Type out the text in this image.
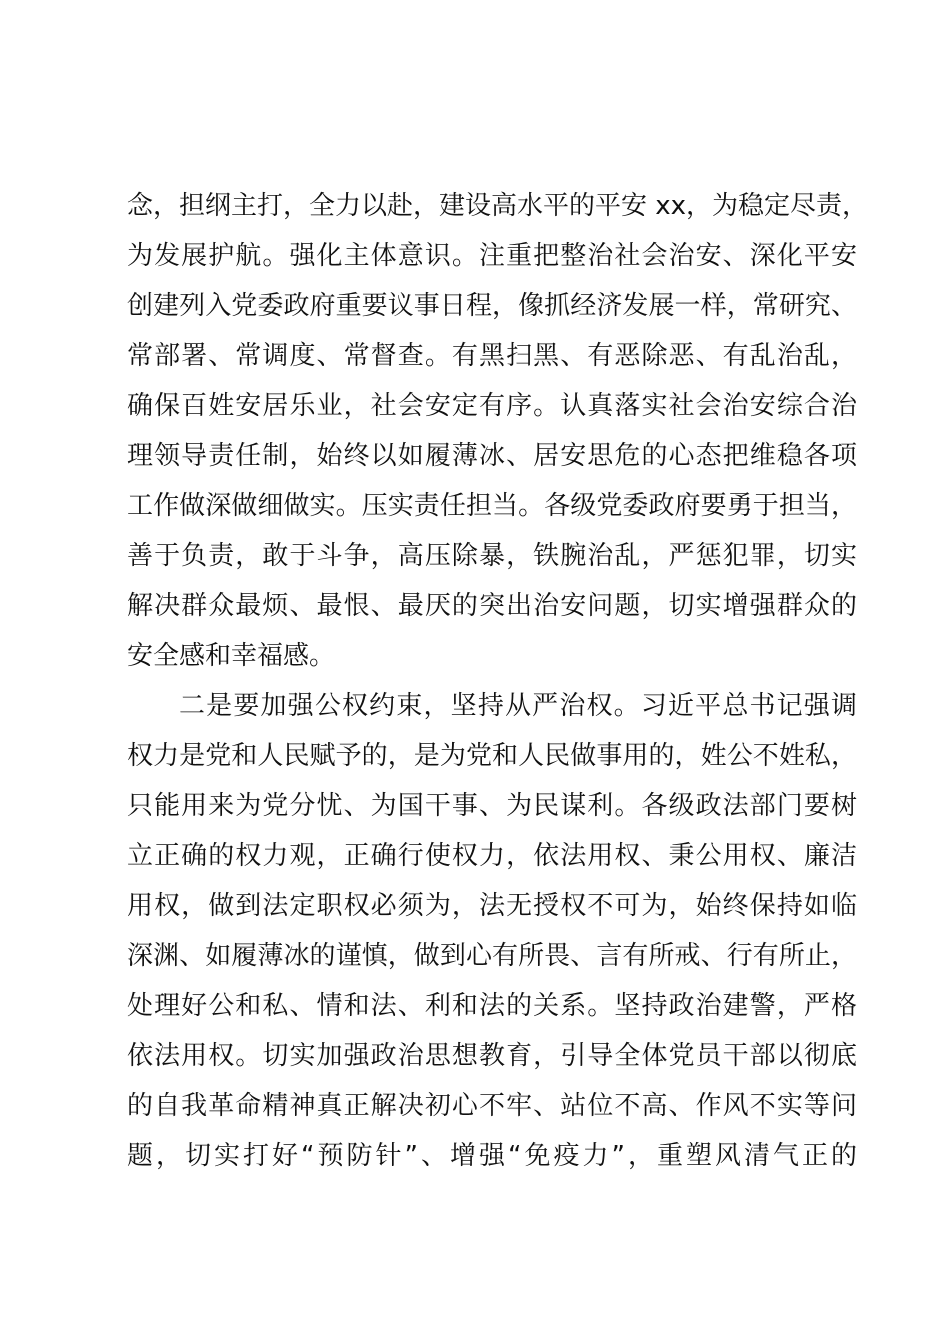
念，担纲主打，全力以赴，建设高水平的平安 xx，为稳定尽责，
为发展护航。强化主体意识。注重把整治社会治安、深化平安
创建列入党委政府重要议事日程，像抓经济发展一样，常研究、
常部署、常调度、常督查。有黑扫黑、有恶除恶、有乱治乱，
确保百姓安居乐业，社会安定有序。认真落实社会治安综合治
理领导责任制，始终以如履薄冰、居安思危的心态把维稳各项
工作做深做细做实。压实责任担当。各级党委政府要勇于担当，
善于负责，敢于斗争，高压除暴，铁腕治乱，严惩犯罪，切实
解决群众最烦、最恨、最厌的突出治安问题，切实增强群众的
安全感和幸福感。
二是要加强公权约束，坚持从严治权。习近平总书记强调
权力是党和人民赋予的，是为党和人民做事用的，姓公不姓私，
只能用来为党分忧、为国干事、为民谋利。各级政法部门要树
立正确的权力观，正确行使权力，依法用权、秉公用权、廉洁
用权，做到法定职权必须为，法无授权不可为，始终保持如临
深渊、如履薄冰的谨慎，做到心有所畏、言有所戒、行有所止，
处理好公和私、情和法、利和法的关系。坚持政治建警，严格
依法用权。切实加强政治思想教育，引导全体党员干部以彻底
的自我革命精神真正解决初心不牢、站位不高、作风不实等问
题，切实打好“预防针”、增强“免疫力”，重塑风清气正的
